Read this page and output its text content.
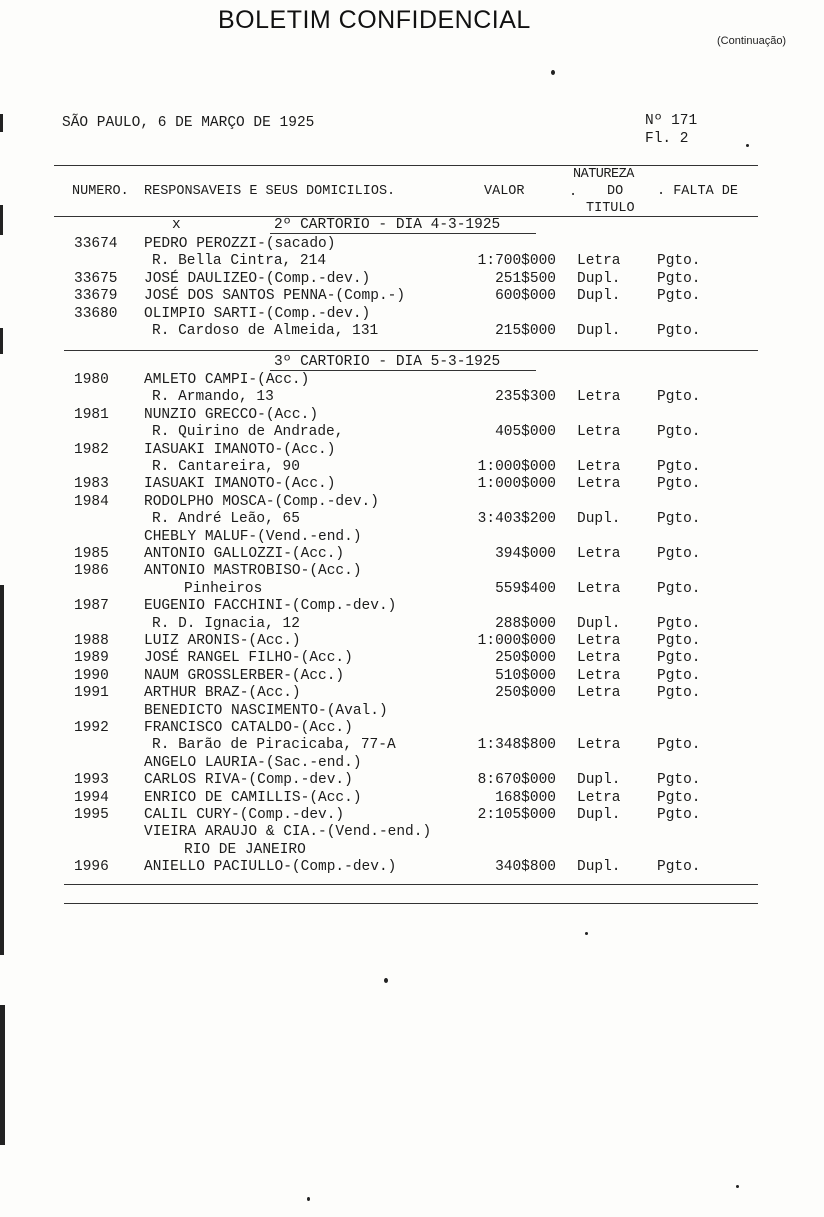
BOLETIM CONFIDENCIAL
(Continuação)
SÃO PAULO, 6 DE MARÇO DE 1925	Nº 171
Fl. 2
NATUREZA
NUMERO. RESPONSAVEIS E SEUS DOMICILIOS.	VALOR	. DO	. FALTA DE
TITULO
x	2º CARTORIO - DIA 4-3-1925
33674 PEDRO PEROZZI-(sacado)
R. Bella Cintra, 214	1:700$000 Letra	Pgto.
33675 JOSÉ DAULIZEO-(Comp.-dev.)	251$500 Dupl.	Pgto.
33679 JOSÉ DOS SANTOS PENNA-(Comp.-)	600$000 Dupl.	Pgto.
33680 OLIMPIO SARTI-(Comp.-dev.)
R. Cardoso de Almeida, 131	215$000 Dupl.	Pgto.
3º CARTORIO - DIA 5-3-1925
1980 AMLETO CAMPI-(Acc.)
R. Armando, 13	235$300 Letra	Pgto.
1981 NUNZIO GRECCO-(Acc.)
R. Quirino de Andrade,	405$000 Letra	Pgto.
1982 IASUAKI IMANOTO-(Acc.)
R. Cantareira, 90	1:000$000 Letra	Pgto.
1983 IASUAKI IMANOTO-(Acc.)	1:000$000 Letra	Pgto.
1984 RODOLPHO MOSCA-(Comp.-dev.)
R. André Leão, 65	3:403$200 Dupl.	Pgto.
CHEBLY MALUF-(Vend.-end.)
1985 ANTONIO GALLOZZI-(Acc.)	394$000 Letra	Pgto.
1986 ANTONIO MASTROBISO-(Acc.)
Pinheiros	559$400 Letra	Pgto.
1987 EUGENIO FACCHINI-(Comp.-dev.)
R. D. Ignacia, 12	288$000 Dupl.	Pgto.
1988 LUIZ ARONIS-(Acc.)	1:000$000 Letra	Pgto.
1989 JOSÉ RANGEL FILHO-(Acc.)	250$000 Letra	Pgto.
1990 NAUM GROSSLERBER-(Acc.)	510$000 Letra	Pgto.
1991 ARTHUR BRAZ-(Acc.)	250$000 Letra	Pgto.
BENEDICTO NASCIMENTO-(Aval.)
1992 FRANCISCO CATALDO-(Acc.)
R. Barão de Piracicaba, 77-A	1:348$800 Letra	Pgto.
ANGELO LAURIA-(Sac.-end.)
1993 CARLOS RIVA-(Comp.-dev.)	8:670$000 Dupl.	Pgto.
1994 ENRICO DE CAMILLIS-(Acc.)	168$000 Letra	Pgto.
1995 CALIL CURY-(Comp.-dev.)	2:105$000 Dupl.	Pgto.
VIEIRA ARAUJO & CIA.-(Vend.-end.)
RIO DE JANEIRO
1996 ANIELLO PACIULLO-(Comp.-dev.)	340$800 Dupl.	Pgto.
